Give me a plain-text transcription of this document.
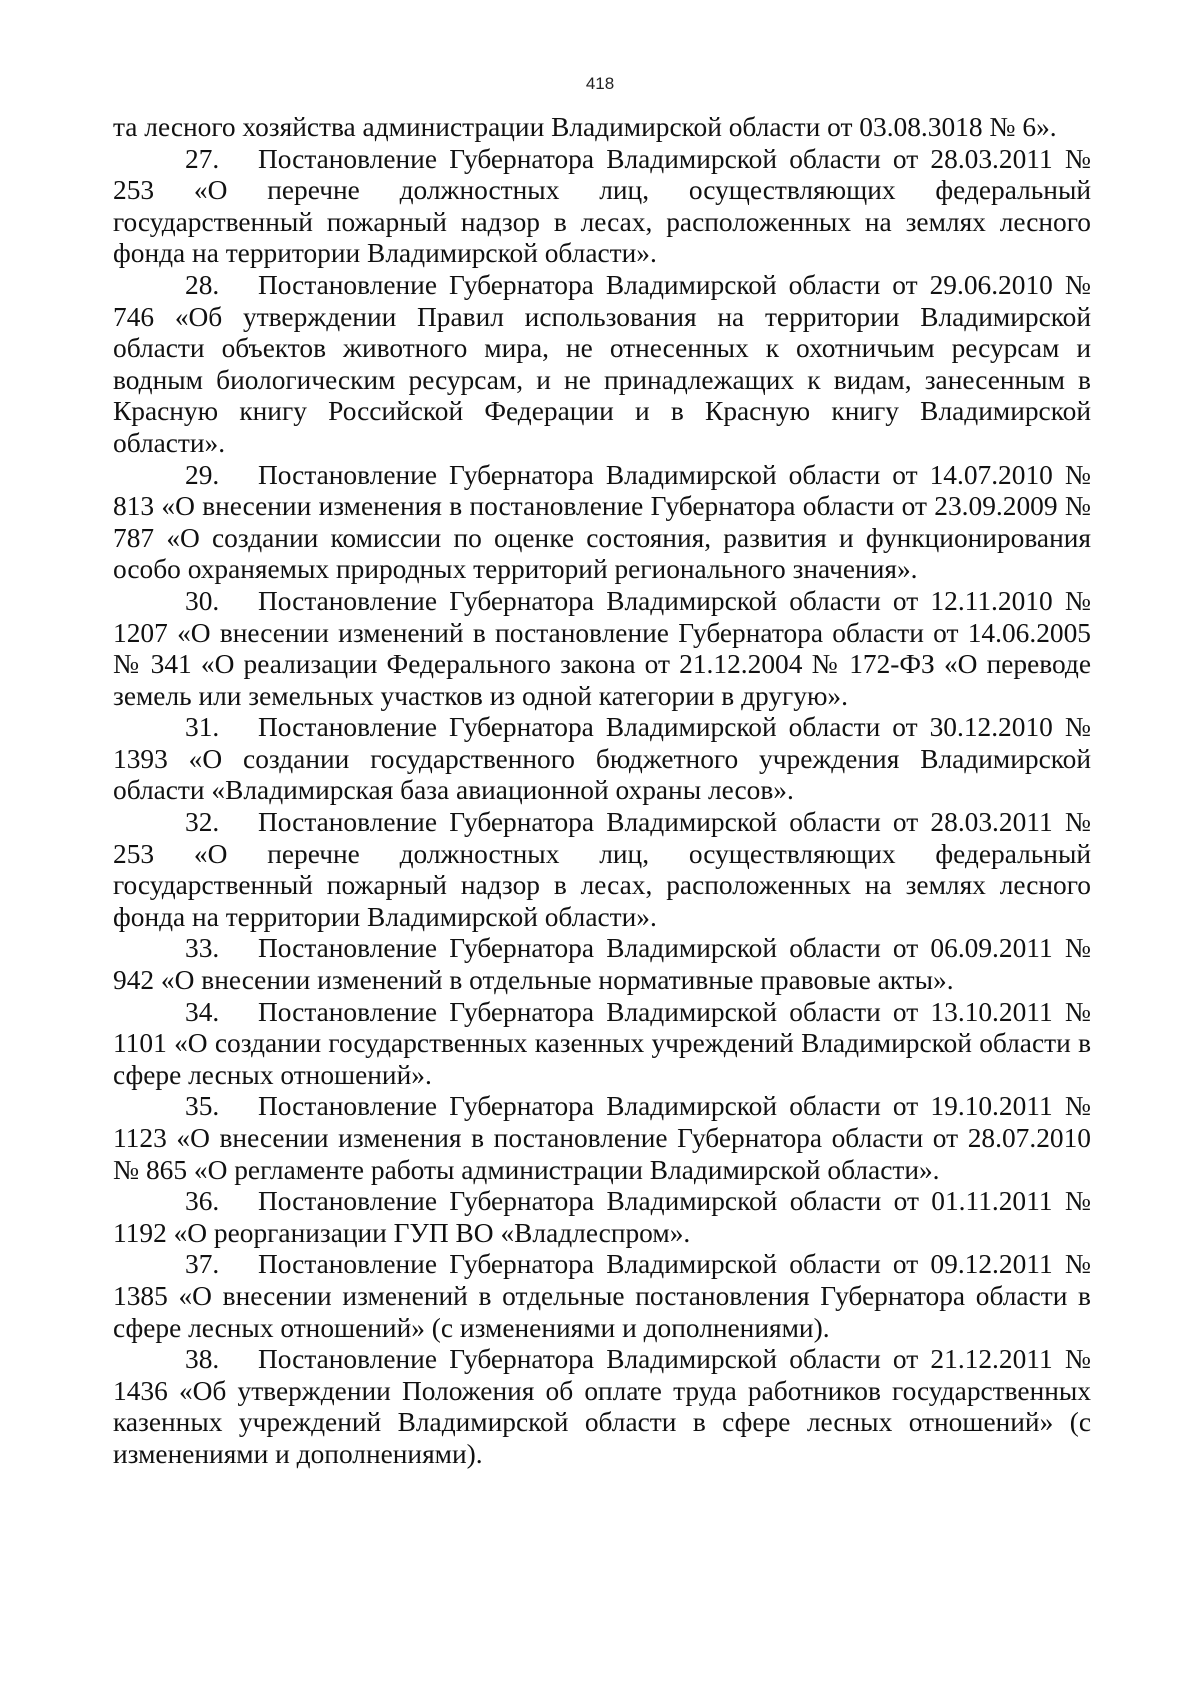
418

та лесного хозяйства администрации Владимирской области от 03.08.3018 № 6».

27. Постановление Губернатора Владимирской области от 28.03.2011 № 253 «О перечне должностных лиц, осуществляющих федеральный государственный пожарный надзор в лесах, расположенных на землях лесного фонда на территории Владимирской области».

28. Постановление Губернатора Владимирской области от 29.06.2010 № 746 «Об утверждении Правил использования на территории Владимирской области объектов животного мира, не отнесенных к охотничьим ресурсам и водным биологическим ресурсам, и не принадлежащих к видам, занесенным в Красную книгу Российской Федерации и в Красную книгу Владимирской области».

29. Постановление Губернатора Владимирской области от 14.07.2010 № 813 «О внесении изменения в постановление Губернатора области от 23.09.2009 № 787 «О создании комиссии по оценке состояния, развития и функционирования особо охраняемых природных территорий регионального значения».

30. Постановление Губернатора Владимирской области от 12.11.2010 № 1207 «О внесении изменений в постановление Губернатора области от 14.06.2005 № 341 «О реализации Федерального закона от 21.12.2004 № 172-ФЗ «О переводе земель или земельных участков из одной категории в другую».

31. Постановление Губернатора Владимирской области от 30.12.2010 № 1393 «О создании государственного бюджетного учреждения Владимирской области «Владимирская база авиационной охраны лесов».

32. Постановление Губернатора Владимирской области от 28.03.2011 № 253 «О перечне должностных лиц, осуществляющих федеральный государственный пожарный надзор в лесах, расположенных на землях лесного фонда на территории Владимирской области».

33. Постановление Губернатора Владимирской области от 06.09.2011 № 942 «О внесении изменений в отдельные нормативные правовые акты».

34. Постановление Губернатора Владимирской области от 13.10.2011 № 1101 «О создании государственных казенных учреждений Владимирской области в сфере лесных отношений».

35. Постановление Губернатора Владимирской области от 19.10.2011 № 1123 «О внесении изменения в постановление Губернатора области от 28.07.2010 № 865 «О регламенте работы администрации Владимирской области».

36. Постановление Губернатора Владимирской области от 01.11.2011 № 1192 «О реорганизации ГУП ВО «Владлеспром».

37. Постановление Губернатора Владимирской области от 09.12.2011 № 1385 «О внесении изменений в отдельные постановления Губернатора области в сфере лесных отношений» (с изменениями и дополнениями).

38. Постановление Губернатора Владимирской области от 21.12.2011 № 1436 «Об утверждении Положения об оплате труда работников государственных казенных учреждений Владимирской области в сфере лесных отношений» (с изменениями и дополнениями).
